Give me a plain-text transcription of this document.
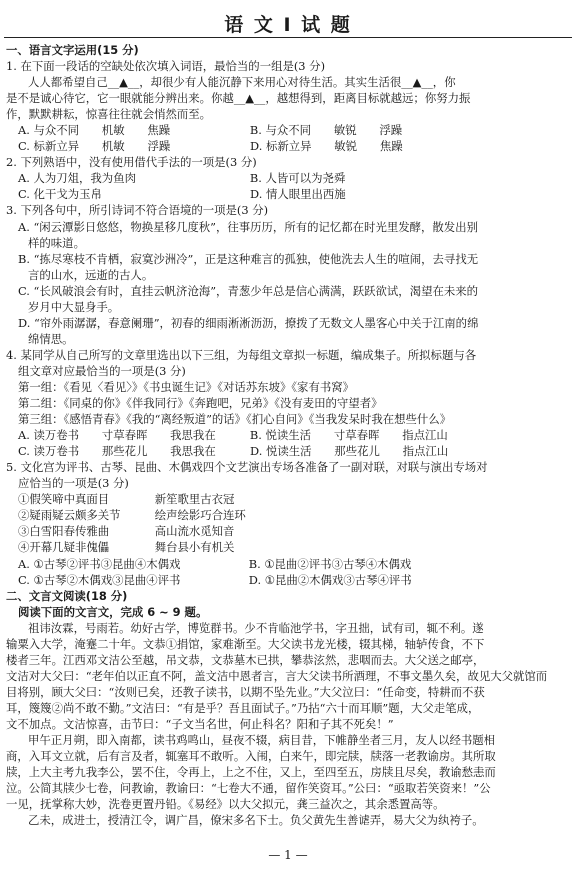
语 文 Ⅰ 试 题
一、语言文字运用(15 分)
1. 在下面一段话的空缺处依次填入词语，最恰当的一组是(3 分)
人人都希望自己__▲__，却很少有人能沉静下来用心对待生活。其实生活很__▲__，你
是不是诚心待它，它一眼就能分辨出来。你越__▲__，越想得到，距离目标就越远；你努力振
作，默默耕耘，惊喜往往就会悄然而至。
A. 与众不同　　机敏　　焦躁　　　　　　　B. 与众不同　　敏锐　　浮躁
C. 标新立异　　机敏　　浮躁　　　　　　　D. 标新立异　　敏锐　　焦躁
2. 下列熟语中，没有使用借代手法的一项是(3 分)
A. 人为刀俎，我为鱼肉　　　　　　　　　　B. 人皆可以为尧舜
C. 化干戈为玉帛　　　　　　　　　　　　　D. 情人眼里出西施
3. 下列各句中，所引诗词不符合语境的一项是(3 分)
A. “闲云潭影日悠悠，物换星移几度秋”，往事历历，所有的记忆都在时光里发酵，散发出别
样的味道。
B. “拣尽寒枝不肯栖，寂寞沙洲冷”，正是这种难言的孤独，使他洗去人生的喧闹，去寻找无
言的山水，远逝的古人。
C. “长风破浪会有时，直挂云帆济沧海”，青葱少年总是信心满满，跃跃欲试，渴望在未来的
岁月中大显身手。
D. “帘外雨潺潺，春意阑珊”，初春的细雨淅淅沥沥，撩拨了无数文人墨客心中关于江南的绵
绵情思。
4. 某同学从自己所写的文章里选出以下三组，为每组文章拟一标题，编成集子。所拟标题与各
组文章对应最恰当的一项是(3 分)
第一组：《看见〈看见〉》《书虫诞生记》《对话苏东坡》《家有书窝》
第二组：《同桌的你》《伴我同行》《奔跑吧，兄弟》《没有麦田的守望者》
第三组：《感悟青春》《我的“离经叛道”的话》《扪心自问》《当我发呆时我在想些什么》
A. 读万卷书　　寸草春晖　　我思我在　　　B. 悦读生活　　寸草春晖　　指点江山
C. 读万卷书　　那些花儿　　我思我在　　　D. 悦读生活　　那些花儿　　指点江山
5. 文化宫为评书、古琴、昆曲、木偶戏四个文艺演出专场各准备了一副对联，对联与演出专场对
应恰当的一项是(3 分)
①假笑啼中真面目　　　　新笙歌里古衣冠
②疑雨疑云颇多关节　　　绘声绘影巧合连环
③白雪阳春传雅曲　　　　高山流水觅知音
④开幕几疑非傀儡　　　　舞台县小有机关
A. ①古琴②评书③昆曲④木偶戏　　　　　　B. ①昆曲②评书③古琴④木偶戏
C. ①古琴②木偶戏③昆曲④评书　　　　　　D. ①昆曲②木偶戏③古琴④评书
二、文言文阅读(18 分)
阅读下面的文言文，完成 6 ~ 9 题。
祖讳汝霖，号雨若。幼好古学，博览群书。少不肯临池学书，字丑拙，试有司，辄不利。遂
输粟入大学，淹蹇二十年。文恭①捐馆，家难渐至。大父读书龙光楼，辍其梯，轴轳传食，不下
楼者三年。江西邓文洁公至越，吊文恭，文恭墓木已拱，攀恭泫然，悲咽而去。大父送之邮亭，
文洁对大父曰：“老年伯以正直不阿，盖文洁中恩者言，言大父读书所酒理，不事文墨久矣，故见大父就馆而
目将别，顾大父曰：“汝则已矣，还教子读书，以期不坠先业。”大父泣曰：“任命变，特耕而不获
耳，篾篾②尚不敢不勤。”文洁曰：“有是乎？吾且面试子。”乃拈“六十而耳顺”题，大父走笔成，
文不加点。文洁惊喜，击节曰：“子文当名世，何止科名？阳和子其不死矣！”
甲午正月朔，即入南都，读书鸡鸣山，昼夜不辍，病目昔，下帷静坐者三月，友人以经书题相
商，入耳文立就，后有言及者，辄塞耳不敢听。入闱，白来午，即完牍，牍落一老教谕房。其所取
牍，上大主考九我李公，罢不住，令再上，上之不住，又上，至四至五，房牍且尽矣，教谕愁恚而
泣。公简其牍少七卷，问教谕，教谕曰：“七卷大不通，留作笑资耳。”公曰：“亟取若笑资来！”公
一见，抚掌称大妙，洗卷更置丹铅。《易经》以大父拟元，龚三益次之，其余悉置高等。
乙未，成进士，授清江令，调广昌，僚宋多名下士。负父黄先生善谑弄，易大父为纨袴子。
— 1 —
